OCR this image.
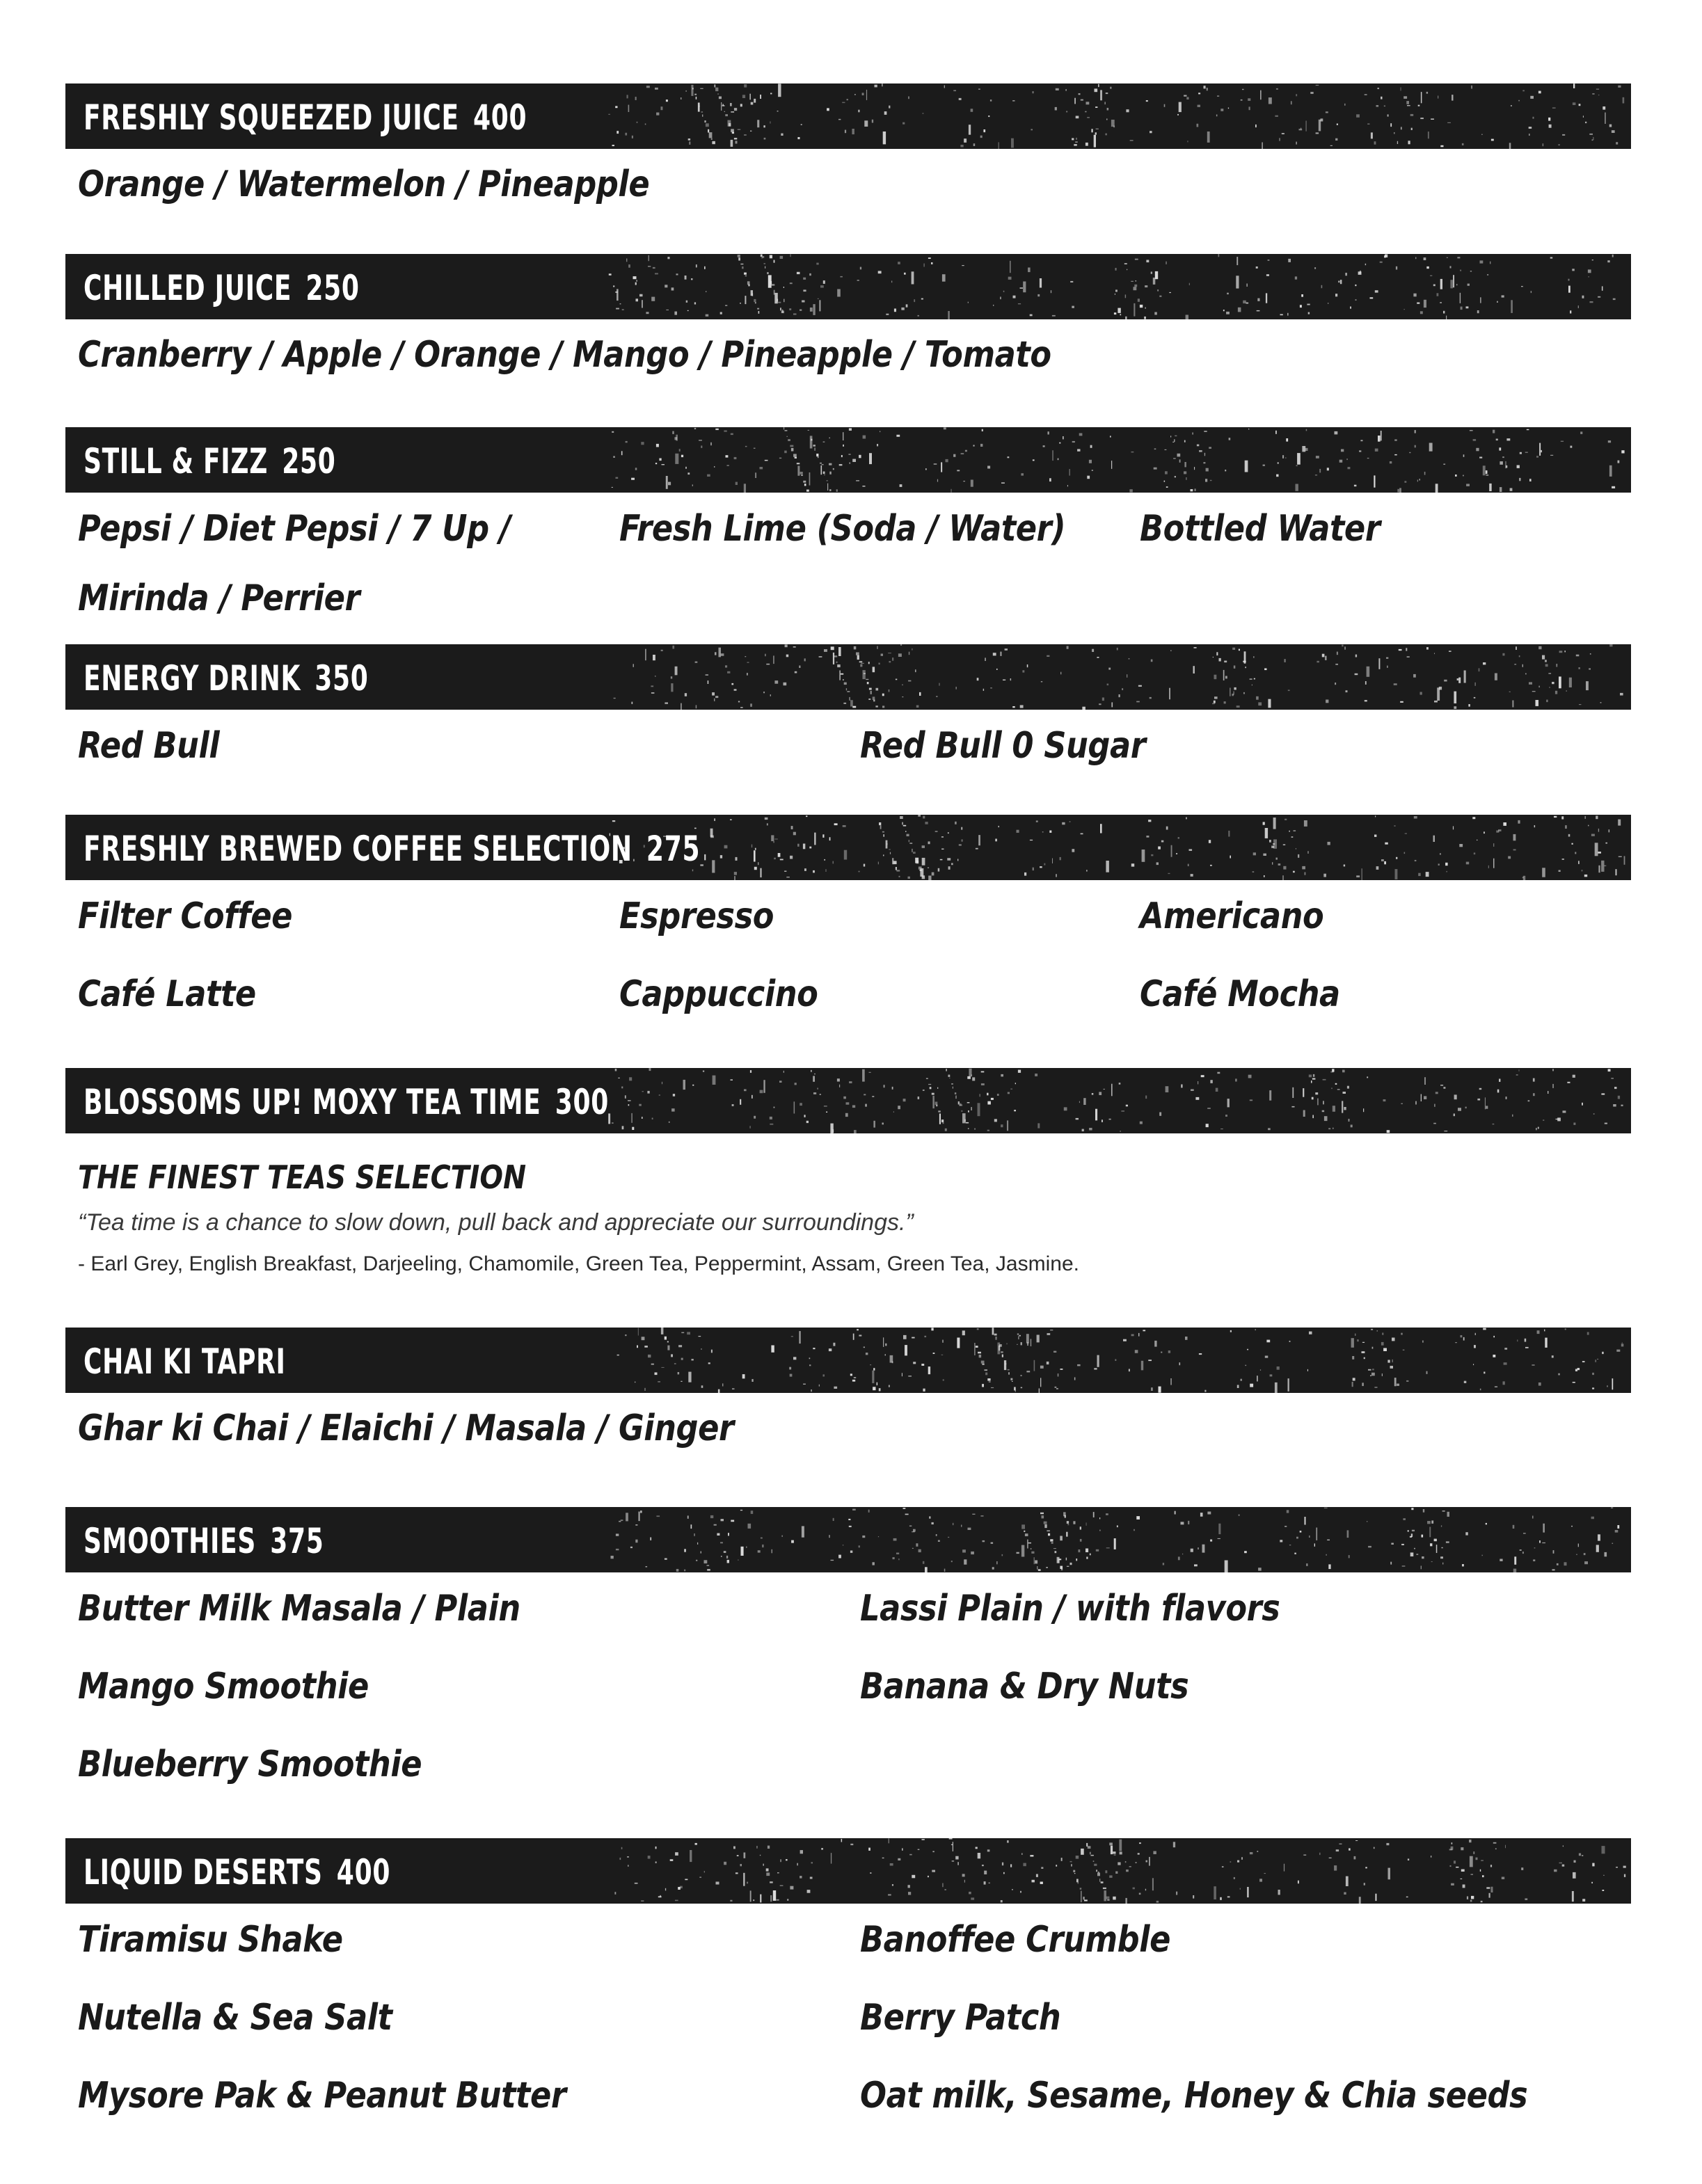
FRESHLY SQUEEZED JUICE 400
Orange / Watermelon / Pineapple
CHILLED JUICE 250
Cranberry / Apple / Orange / Mango / Pineapple / Tomato
STILL & FIZZ 250
Pepsi / Diet Pepsi / 7 Up /
Mirinda / Perrier
Fresh Lime (Soda / Water) Bottled Water
ENERGY DRINK 350
Red Bull	Red Bull 0 Sugar
FRESHLY BREWED COFFEE SELECTION 275
Filter Coffee	Espresso	Americano
Café Latte	Cappuccino	Café Mocha
BLOSSOMS UP! MOXY TEA TIME 300
THE FINEST TEAS SELECTION
“Tea time is a chance to slow down, pull back and appreciate our surroundings.”
- Earl Grey, English Breakfast, Darjeeling, Chamomile, Green Tea, Peppermint, Assam, Green Tea, Jasmine.
CHAI KI TAPRI
Ghar ki Chai / Elaichi / Masala / Ginger
SMOOTHIES 375
Butter Milk Masala / Plain	Lassi Plain / with flavors
Mango Smoothie	Banana & Dry Nuts
Blueberry Smoothie
LIQUID DESERTS 400
Tiramisu Shake	Banoffee Crumble
Nutella & Sea Salt	Berry Patch
Mysore Pak & Peanut Butter	Oat milk, Sesame, Honey & Chia seeds
